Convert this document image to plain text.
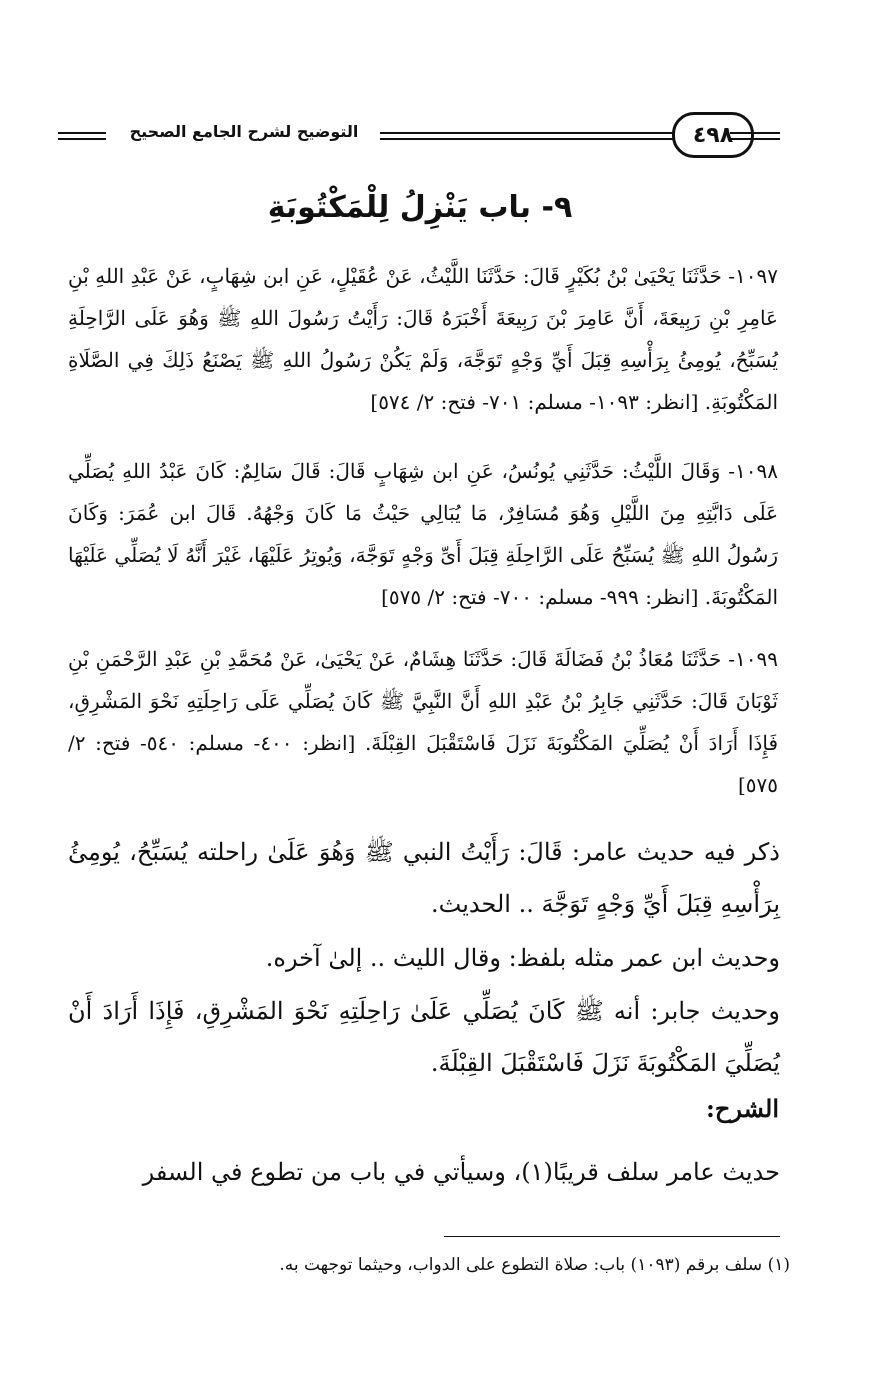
التوضيح لشرح الجامع الصحيح	٤٩٨
٩- باب يَنْزِلُ لِلْمَكْتُوبَةِ
١٠٩٧- حَدَّثَنَا يَحْيَىٰ بْنُ بُكَيْرٍ قَالَ: حَدَّثَنَا اللَّيْثُ، عَنْ عُقَيْلٍ، عَنِ ابن شِهَابٍ، عَنْ عَبْدِ اللهِ بْنِ عَامِرِ بْنِ رَبِيعَةَ، أَنَّ عَامِرَ بْنَ رَبِيعَةَ أَخْبَرَهُ قَالَ: رَأَيْتُ رَسُولَ اللهِ ﷺ وَهُوَ عَلَى الرَّاحِلَةِ يُسَبِّحُ، يُومِئُ بِرَأْسِهِ قِبَلَ أَيِّ وَجْهٍ تَوَجَّهَ، وَلَمْ يَكُنْ رَسُولُ اللهِ ﷺ يَصْنَعُ ذَلِكَ فِي الصَّلَاةِ المَكْتُوبَةِ. [انظر: ١٠٩٣- مسلم: ٧٠١- فتح: ٢/ ٥٧٤]
١٠٩٨- وَقَالَ اللَّيْثُ: حَدَّثَنِي يُونُسُ، عَنِ ابن شِهَابٍ قَالَ: قَالَ سَالِمٌ: كَانَ عَبْدُ اللهِ يُصَلِّي عَلَى دَابَّتِهِ مِنَ اللَّيْلِ وَهُوَ مُسَافِرٌ، مَا يُبَالِي حَيْثُ مَا كَانَ وَجْهُهُ. قَالَ ابن عُمَرَ: وَكَانَ رَسُولُ اللهِ ﷺ يُسَبِّحُ عَلَى الرَّاحِلَةِ قِبَلَ أَىِّ وَجْهٍ تَوَجَّهَ، وَيُوتِرُ عَلَيْهَا، غَيْرَ أَنَّهُ لَا يُصَلِّي عَلَيْهَا المَكْتُوبَةَ. [انظر: ٩٩٩- مسلم: ٧٠٠- فتح: ٢/ ٥٧٥]
١٠٩٩- حَدَّثَنَا مُعَاذُ بْنُ فَضَالَةَ قَالَ: حَدَّثَنَا هِشَامٌ، عَنْ يَحْيَىٰ، عَنْ مُحَمَّدِ بْنِ عَبْدِ الرَّحْمَنِ بْنِ ثَوْبَانَ قَالَ: حَدَّثَنِي جَابِرُ بْنُ عَبْدِ اللهِ أَنَّ النَّبِيَّ ﷺ كَانَ يُصَلِّي عَلَى رَاحِلَتِهِ نَحْوَ المَشْرِقِ، فَإِذَا أَرَادَ أَنْ يُصَلِّيَ المَكْتُوبَةَ نَزَلَ فَاسْتَقْبَلَ القِبْلَةَ. [انظر: ٤٠٠- مسلم: ٥٤٠- فتح: ٢/ ٥٧٥]
ذكر فيه حديث عامر: قَالَ: رَأَيْتُ النبي ﷺ وَهُوَ عَلَىٰ راحلته يُسَبِّحُ، يُومِئُ بِرَأْسِهِ قِبَلَ أَيِّ وَجْهٍ تَوَجَّهَ .. الحديث.
وحديث ابن عمر مثله بلفظ: وقال الليث .. إلىٰ آخره.
وحديث جابر: أنه ﷺ كَانَ يُصَلِّي عَلَىٰ رَاحِلَتِهِ نَحْوَ المَشْرِقِ، فَإِذَا أَرَادَ أَنْ يُصَلِّيَ المَكْتُوبَةَ نَزَلَ فَاسْتَقْبَلَ القِبْلَةَ.
الشرح:
حديث عامر سلف قريبًا(١)، وسيأتي في باب من تطوع في السفر
(١) سلف برقم (١٠٩٣) باب: صلاة التطوع على الدواب، وحيثما توجهت به.
